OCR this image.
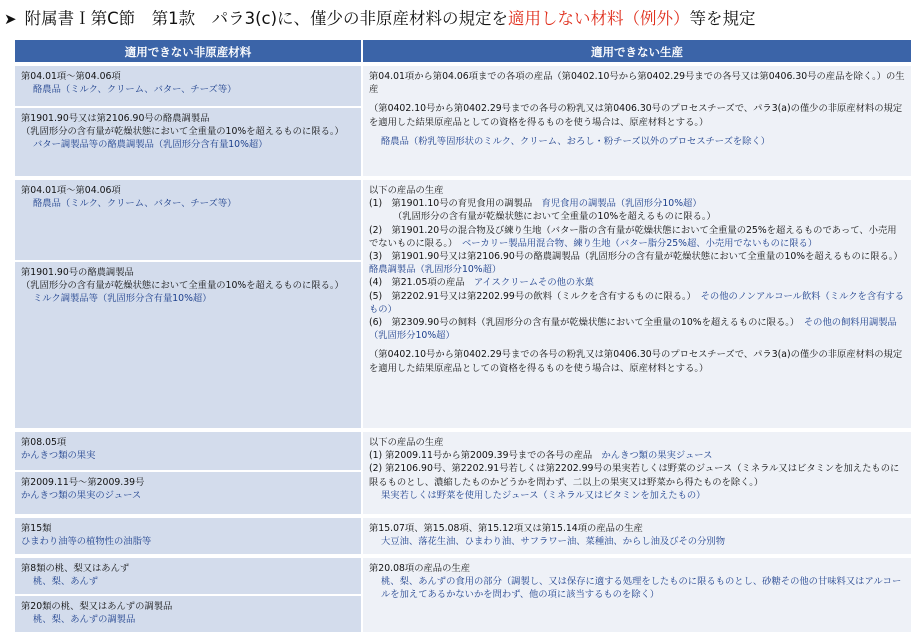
➤ 附属書Ｉ第C節　第1款　パラ3(c)に、僅少の非原産材料の規定を適用しない材料（例外）等を規定
適用できない非原産材料	適用できない生産

第04.01項～第04.06項

酪農品（ミルク、クリーム、バター、チーズ等）

第1901.90号又は第2106.90号の酪農調製品

（乳固形分の含有量が乾燥状態において全重量の10%を超えるものに限る。）

バター調製品等の酪農調製品（乳固形分含有量10%超）

第04.01項から第04.06項までの各項の産品（第0402.10号から第0402.29号までの各号又は第0406.30号の産品を除く。）の生産

（第0402.10号から第0402.29号までの各号の粉乳又は第0406.30号のプロセスチーズで、パラ3(a)の僅少の非原産材料の規定を適用した結果原産品としての資格を得るものを使う場合は、原産材料とする。）

酪農品（粉乳等固形状のミルク、クリーム、おろし・粉チーズ以外のプロセスチーズを除く）

第04.01項～第04.06項

酪農品（ミルク、クリーム、バター、チーズ等）

第1901.90号の酪農調製品

（乳固形分の含有量が乾燥状態において全重量の10%を超えるものに限る。）

ミルク調製品等（乳固形分含有量10%超）

以下の産品の生産

(1)　第1901.10号の育児食用の調製品　 育児食用の調製品（乳固形分10%超）

（乳固形分の含有量が乾燥状態において全重量の10%を超えるものに限る。）

(2)　第1901.20号の混合物及び練り生地（バター脂の含有量が乾燥状態において全重量の25%を超えるものであって、小売用でないものに限る。）　 ベーカリー製品用混合物、練り生地（バター脂分25%超、小売用でないものに限る）

(3)　第1901.90号又は第2106.90号の酪農調製品（乳固形分の含有量が乾燥状態において全重量の10%を超えるものに限る。）　酪農調製品（乳固形分10%超）

(4)　第21.05項の産品　 アイスクリームその他の氷菓

(5)　第2202.91号又は第2202.99号の飲料（ミルクを含有するものに限る。）　 その他のノンアルコール飲料（ミルクを含有するもの）

(6)　第2309.90号の飼料（乳固形分の含有量が乾燥状態において全重量の10%を超えるものに限る。）　 その他の飼料用調製品（乳固形分10%超）

（第0402.10号から第0402.29号までの各号の粉乳又は第0406.30号のプロセスチーズで、パラ3(a)の僅少の非原産材料の規定を適用した結果原産品としての資格を得るものを使う場合は、原産材料とする。）

第08.05項

かんきつ類の果実

第2009.11号～第2009.39号

かんきつ類の果実のジュース

以下の産品の生産

(1) 第2009.11号から第2009.39号までの各号の産品　 かんきつ類の果実ジュース

(2) 第2106.90号、第2202.91号若しくは第2202.99号の果実若しくは野菜のジュース（ミネラル又はビタミンを加えたものに限るものとし、濃縮したものかどうかを問わず、二以上の果実又は野菜から得たものを除く。）

果実若しくは野菜を使用したジュース（ミネラル又はビタミンを加えたもの）

第15類

ひまわり油等の植物性の油脂等

第15.07項、第15.08項、第15.12項又は第15.14項の産品の生産

大豆油、落花生油、ひまわり油、サフラワー油、菜種油、からし油及びその分別物

第8類の桃、梨又はあんず

桃、梨、あんず

第20類の桃、梨又はあんずの調製品

桃、梨、あんずの調製品

第20.08項の産品の生産

桃、梨、あんずの食用の部分（調製し、又は保存に適する処理をしたものに限るものとし、砂糖その他の甘味料又はアルコールを加えてあるかないかを問わず、他の項に該当するものを除く）
